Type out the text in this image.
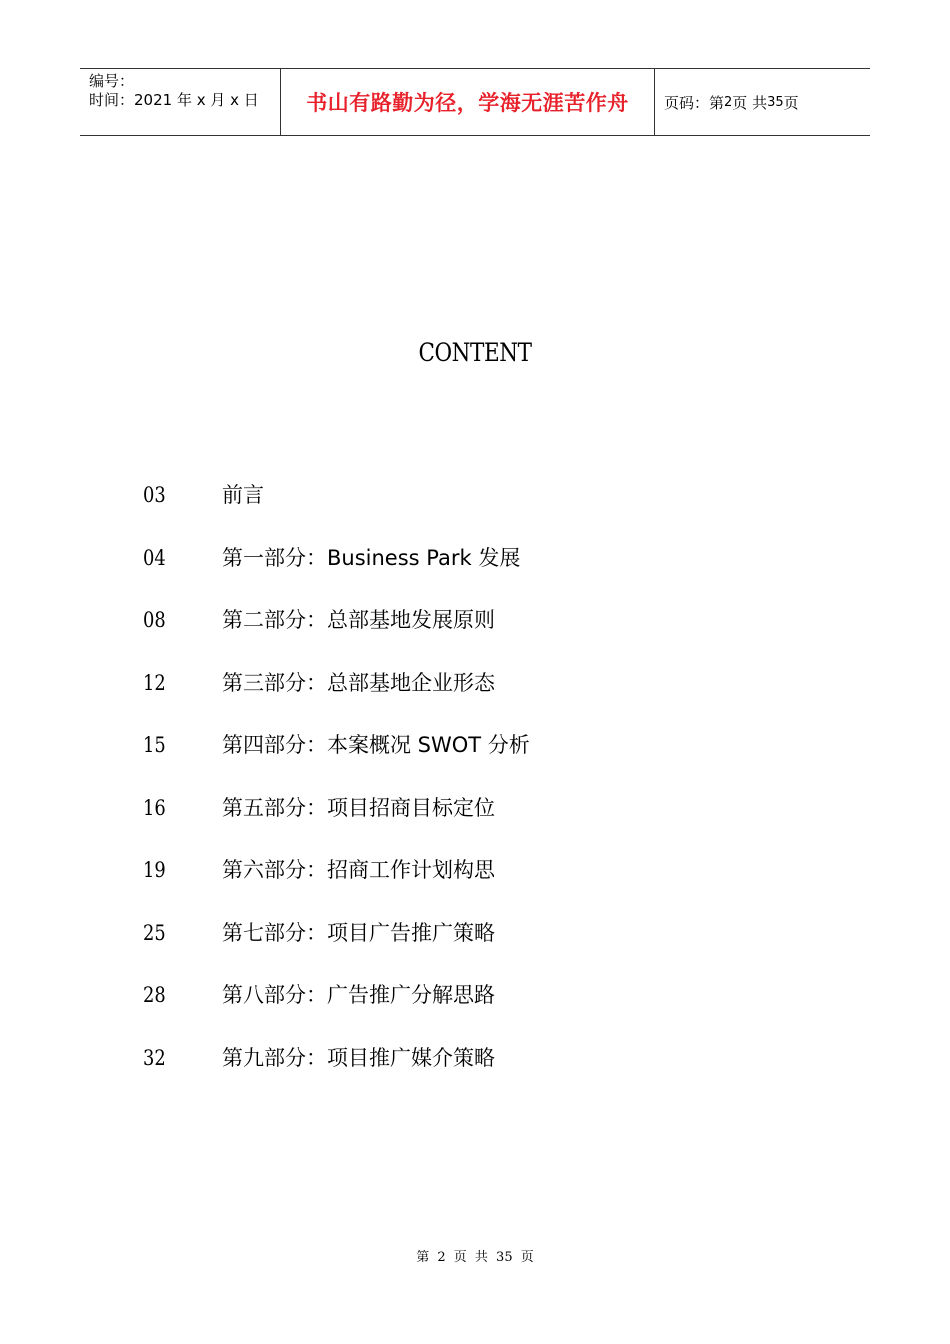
编号：
时间：2021 年 x 月 x 日	书山有路勤为径，学海无涯苦作舟	页码：第 2 页 共 35 页
CONTENT
03	前言
04	第一部分：Business Park 发展
08	第二部分：总部基地发展原则
12	第三部分：总部基地企业形态
15	第四部分：本案概况 SWOT 分析
16	第五部分：项目招商目标定位
19	第六部分：招商工作计划构思
25	第七部分：项目广告推广策略
28	第八部分：广告推广分解思路
32	第九部分：项目推广媒介策略
第 2 页 共 35 页
